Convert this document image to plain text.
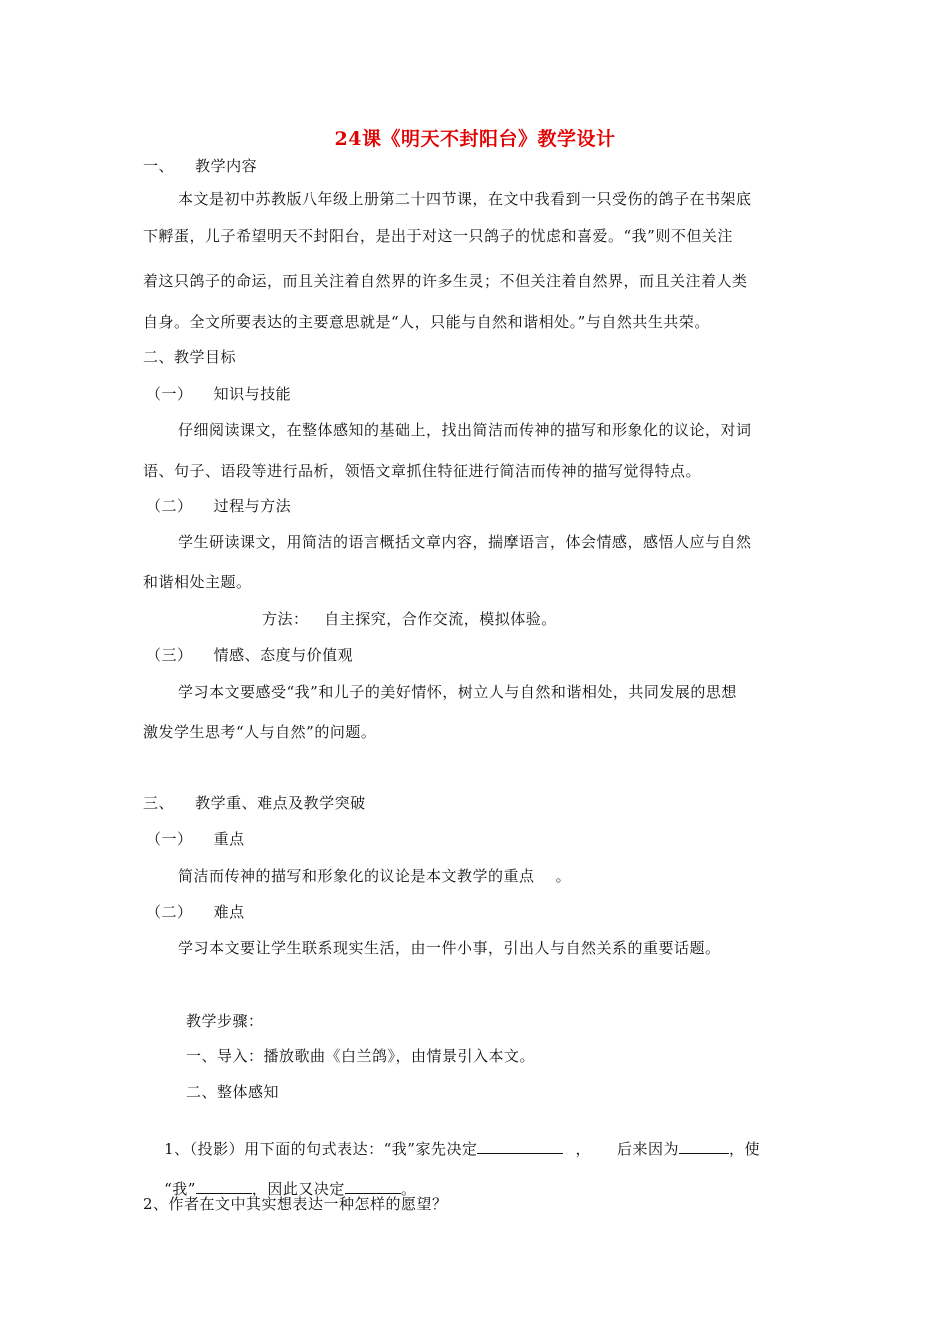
24课《明天不封阳台》教学设计
一、    教学内容
本文是初中苏教版八年级上册第二十四节课，在文中我看到一只受伤的鸽子在书架底
下孵蛋，儿子希望明天不封阳台，是出于对这一只鸽子的忧虑和喜爱。“我”则不但关注
着这只鸽子的命运，而且关注着自然界的许多生灵；不但关注着自然界，而且关注着人类
自身。全文所要表达的主要意思就是“人，只能与自然和谐相处。”与自然共生共荣。
二、教学目标
（一）    知识与技能
仔细阅读课文，在整体感知的基础上，找出简洁而传神的描写和形象化的议论，对词
语、句子、语段等进行品析，领悟文章抓住特征进行简洁而传神的描写觉得特点。
（二）    过程与方法
学生研读课文，用简洁的语言概括文章内容，揣摩语言，体会情感，感悟人应与自然
和谐相处主题。
方法：   自主探究，合作交流，模拟体验。
（三）    情感、态度与价值观
学习本文要感受“我”和儿子的美好情怀，树立人与自然和谐相处，共同发展的思想
激发学生思考“人与自然”的问题。
三、    教学重、难点及教学突破
（一）    重点
简洁而传神的描写和形象化的议论是本文教学的重点    。
（二）    难点
学习本文要让学生联系现实生活，由一件小事，引出人与自然关系的重要话题。
教学步骤：
一、导入：播放歌曲《白兰鸽》，由情景引入本文。
二、整体感知

1、（投影）用下面的句式表达：“我”家先决定	， 后来因为	，使

“我”	，因此又决定	。

2、作者在文中其实想表达一种怎样的愿望？
